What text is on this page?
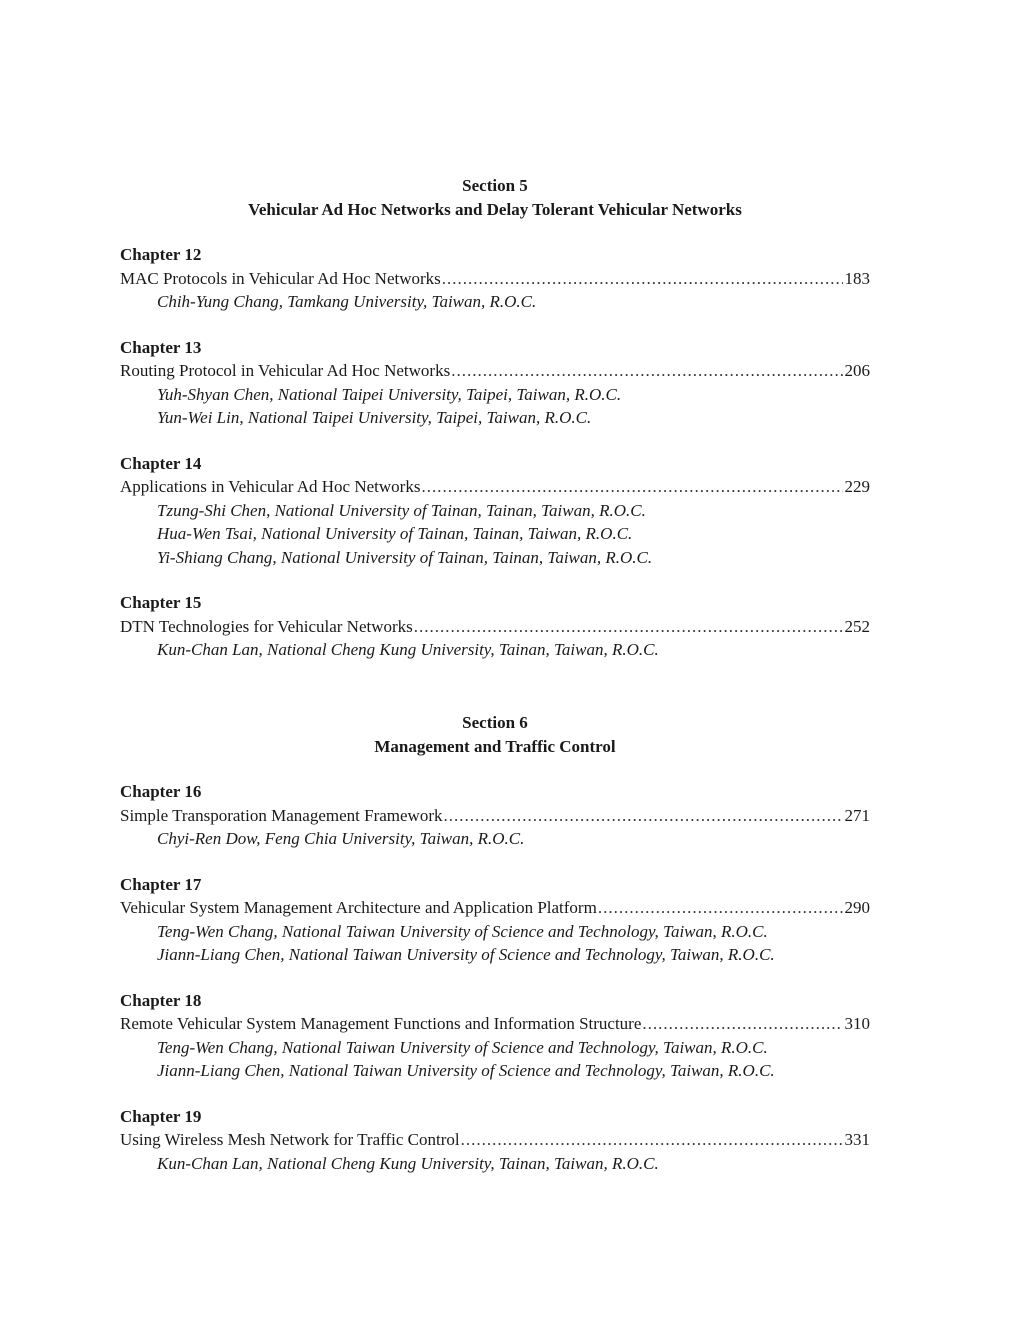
Section 5
Vehicular Ad Hoc Networks and Delay Tolerant Vehicular Networks
Chapter 12
MAC Protocols in Vehicular Ad Hoc Networks .....	183
Chih-Yung Chang, Tamkang University, Taiwan, R.O.C.
Chapter 13
Routing Protocol in Vehicular Ad Hoc Networks .....	206
Yuh-Shyan Chen, National Taipei University, Taipei, Taiwan, R.O.C.
Yun-Wei Lin, National Taipei University, Taipei, Taiwan, R.O.C.
Chapter 14
Applications in Vehicular Ad Hoc Networks .....	229
Tzung-Shi Chen, National University of Tainan, Tainan, Taiwan, R.O.C.
Hua-Wen Tsai, National University of Tainan, Tainan, Taiwan, R.O.C.
Yi-Shiang Chang, National University of Tainan, Tainan, Taiwan, R.O.C.
Chapter 15
DTN Technologies for Vehicular Networks .....	252
Kun-Chan Lan, National Cheng Kung University, Tainan, Taiwan, R.O.C.
Section 6
Management and Traffic Control
Chapter 16
Simple Transporation Management Framework .....	271
Chyi-Ren Dow, Feng Chia University, Taiwan, R.O.C.
Chapter 17
Vehicular System Management Architecture and Application Platform .....	290
Teng-Wen Chang, National Taiwan University of Science and Technology, Taiwan, R.O.C.
Jiann-Liang Chen, National Taiwan University of Science and Technology, Taiwan, R.O.C.
Chapter 18
Remote Vehicular System Management Functions and Information Structure .....	310
Teng-Wen Chang, National Taiwan University of Science and Technology, Taiwan, R.O.C.
Jiann-Liang Chen, National Taiwan University of Science and Technology, Taiwan, R.O.C.
Chapter 19
Using Wireless Mesh Network for Traffic Control .....	331
Kun-Chan Lan, National Cheng Kung University, Tainan, Taiwan, R.O.C.
